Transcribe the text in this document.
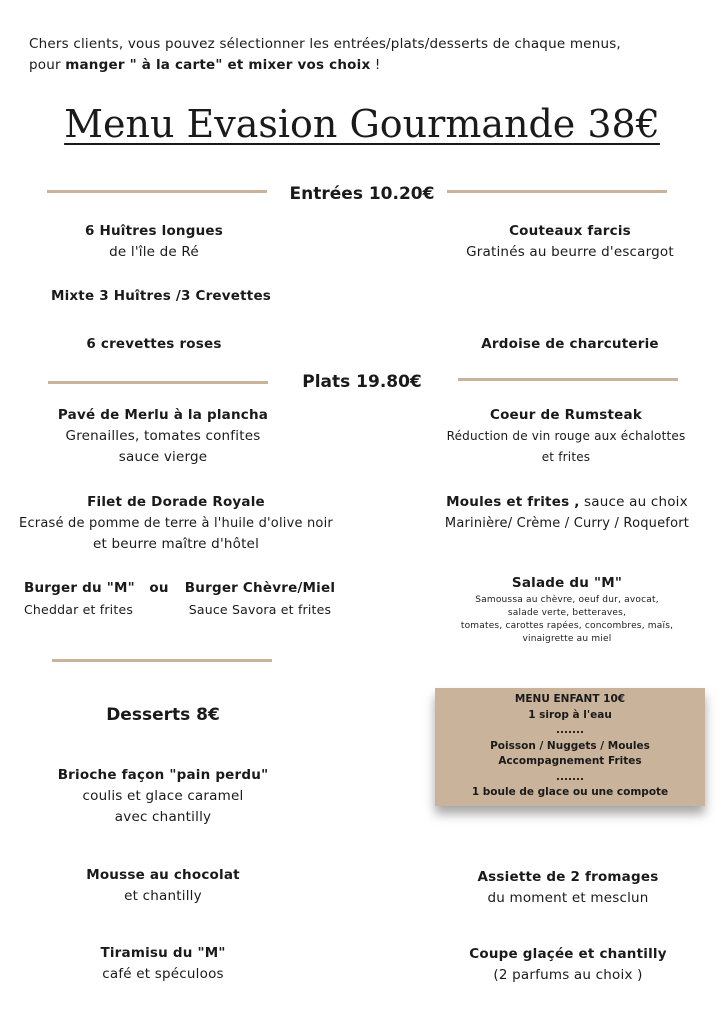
Chers clients, vous pouvez sélectionner les entrées/plats/desserts de chaque menus,
pour manger " à la carte" et mixer vos choix !
Menu Evasion Gourmande 38€
Entrées 10.20€
6 Huîtres longues
de l'île de Ré
Mixte 3 Huîtres /3 Crevettes
6 crevettes roses
Couteaux farcis
Gratinés au beurre d'escargot
Ardoise de charcuterie
Plats 19.80€
Pavé de Merlu à la plancha
Grenailles, tomates confites
sauce vierge
Coeur de Rumsteak
Réduction de vin rouge aux échalottes
et frites
Filet de Dorade Royale
Ecrasé de pomme de terre à l'huile d'olive noir
et beurre maître d'hôtel
Moules et frites , sauce au choix
Marinière/ Crème / Curry / Roquefort
Burger du "M"
Cheddar et frites
ou	Burger Chèvre/Miel
Sauce Savora et frites
Salade du "M"
Samoussa au chèvre, oeuf dur, avocat,
salade verte, betteraves,
tomates, carottes rapées, concombres, maïs,
vinaigrette au miel
Desserts 8€
MENU ENFANT 10€
1 sirop à l'eau
.......
Poisson / Nuggets / Moules
Accompagnement Frites
.......
1 boule de glace ou une compote
Brioche façon "pain perdu"
coulis et glace caramel
avec chantilly
Mousse au chocolat
et chantilly
Tiramisu du "M"
café et spéculoos
Assiette de 2 fromages
du moment et mesclun
Coupe glaçée et chantilly
(2 parfums au choix )
